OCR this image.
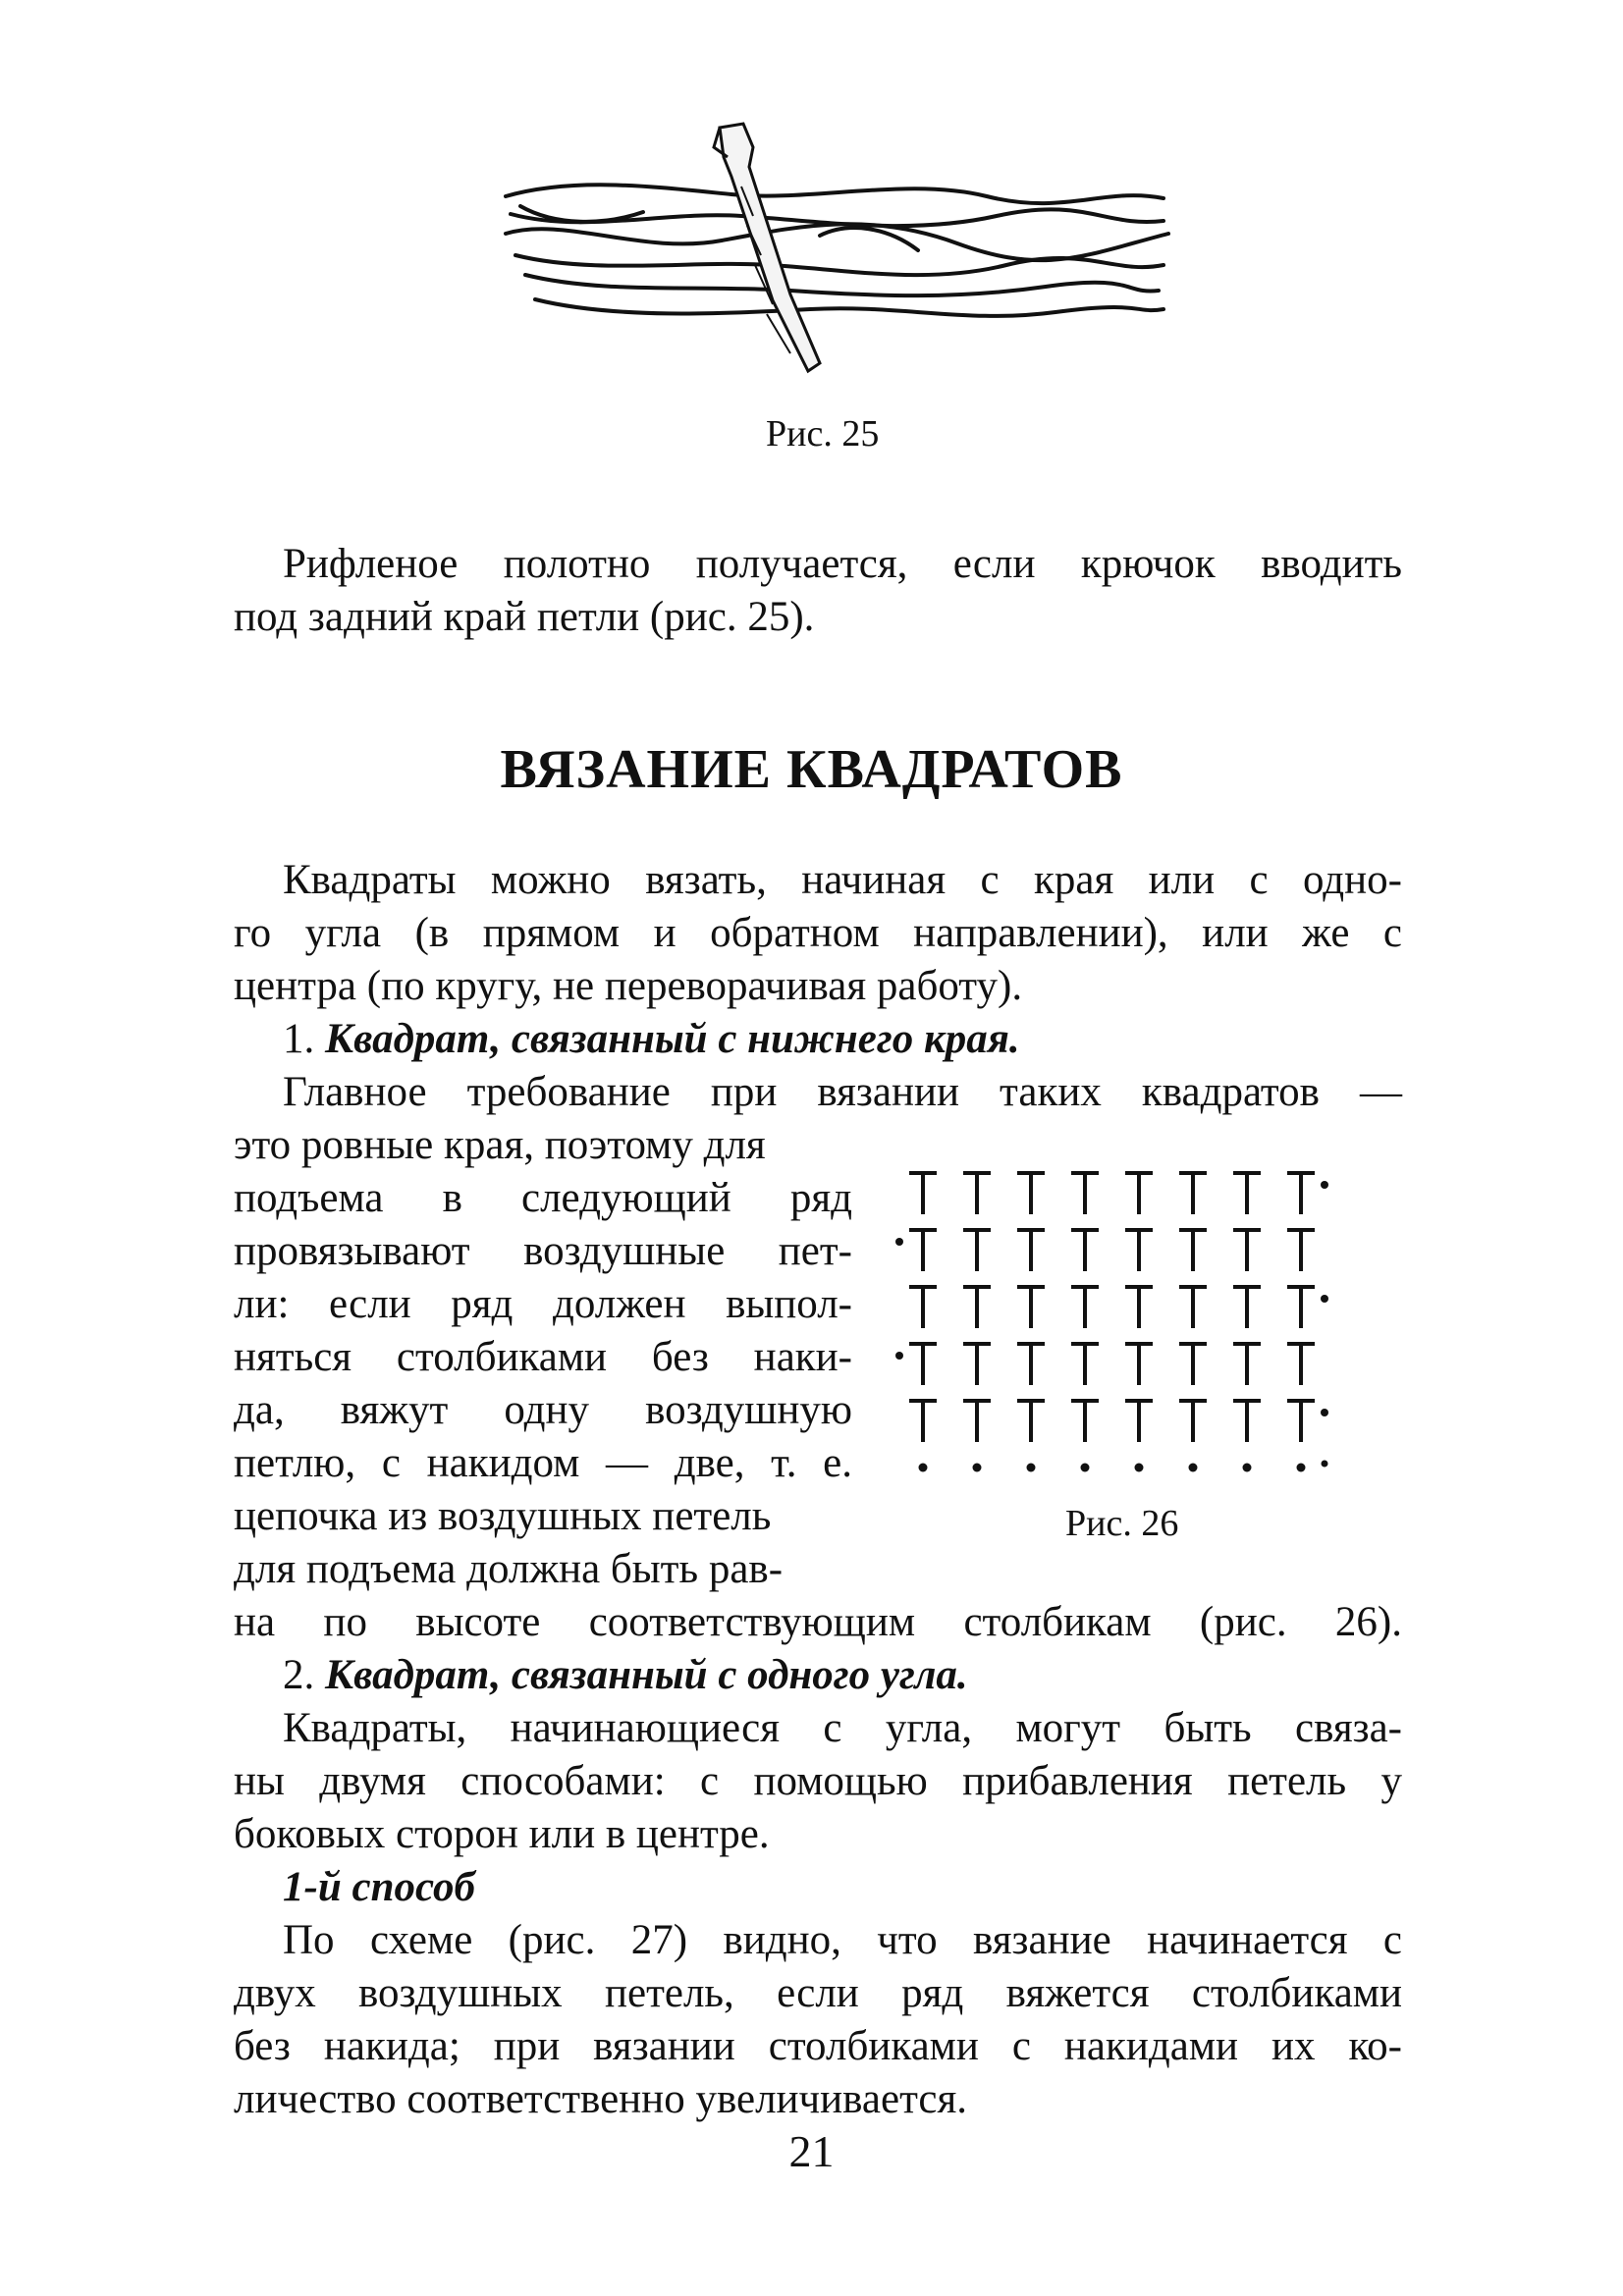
Рис. 25
Рифленое полотно получается, если крючок вводить
под задний край петли (рис. 25).
ВЯЗАНИЕ КВАДРАТОВ
Квадраты можно вязать, начиная с края или с одно-
го угла (в прямом и обратном направлении), или же с
центра (по кругу, не переворачивая работу).
1. Квадрат, связанный с нижнего края.
Главное требование при вязании таких квадратов —
это ровные края, поэтому для
подъема в следующий ряд
провязывают воздушные пет-
ли: если ряд должен выпол-
няться столбиками без наки-
да, вяжут одну воздушную
петлю, с накидом — две, т. е.
цепочка из воздушных петель
для подъема должна быть рав-
на по высоте соответствующим столбикам (рис. 26).
Рис. 26
2. Квадрат, связанный с одного угла.
Квадраты, начинающиеся с угла, могут быть связа-
ны двумя способами: с помощью прибавления петель у
боковых сторон или в центре.
1-й способ
По схеме (рис. 27) видно, что вязание начинается с
двух воздушных петель, если ряд вяжется столбиками
без накида; при вязании столбиками с накидами их ко-
личество соответственно увеличивается.
21
